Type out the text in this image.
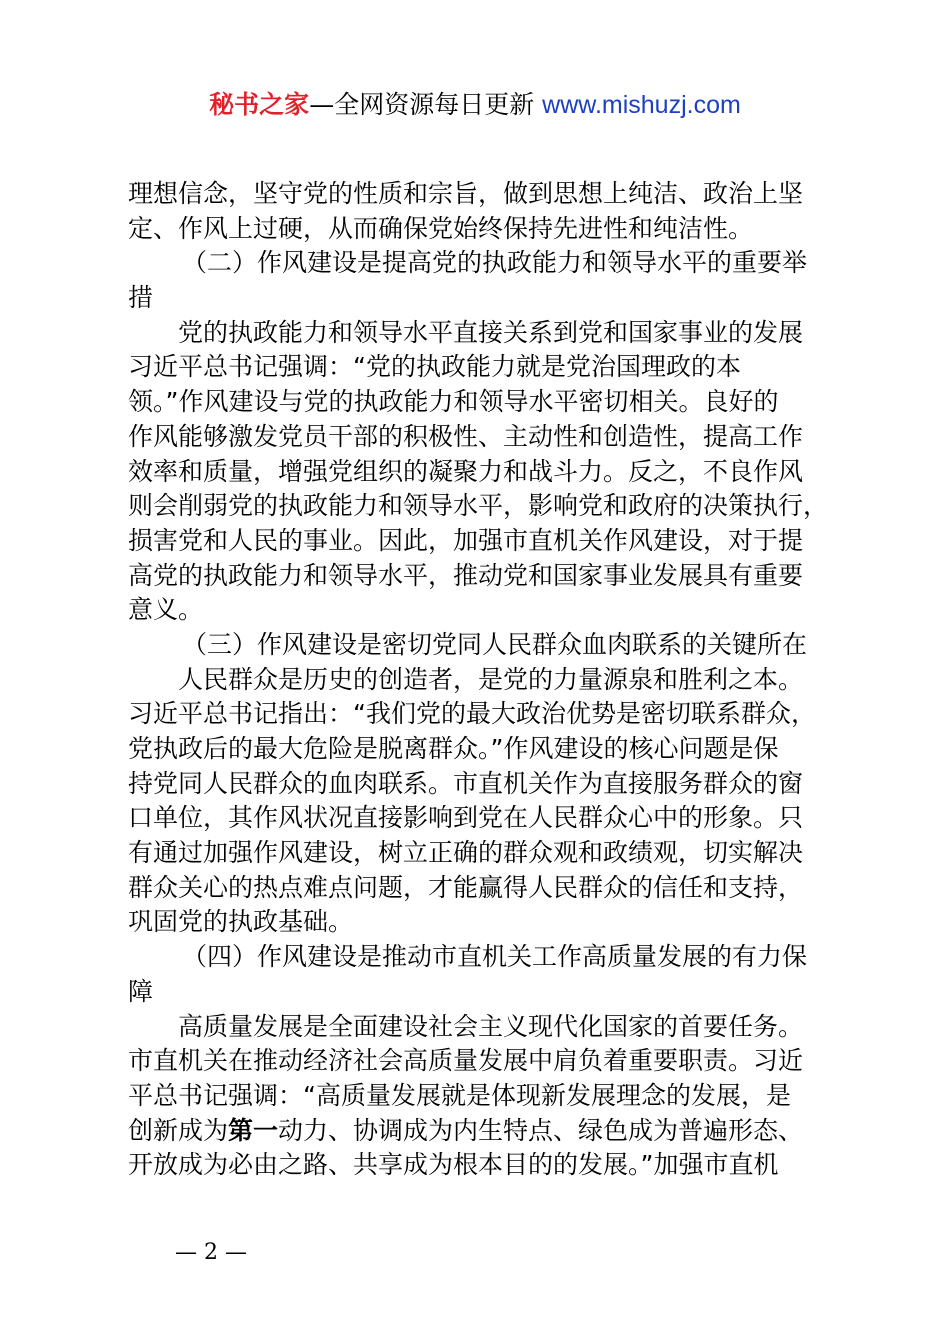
秘书之家—全网资源每日更新 www.mishuzj.com
理想信念，坚守党的性质和宗旨，做到思想上纯洁、政治上坚
定、作风上过硬，从而确保党始终保持先进性和纯洁性。
（二）作风建设是提高党的执政能力和领导水平的重要举
措
党的执政能力和领导水平直接关系到党和国家事业的发展
习近平总书记强调：“党的执政能力就是党治国理政的本
领。”作风建设与党的执政能力和领导水平密切相关。良好的
作风能够激发党员干部的积极性、主动性和创造性，提高工作
效率和质量，增强党组织的凝聚力和战斗力。反之，不良作风
则会削弱党的执政能力和领导水平，影响党和政府的决策执行，
损害党和人民的事业。因此，加强市直机关作风建设，对于提
高党的执政能力和领导水平，推动党和国家事业发展具有重要
意义。
（三）作风建设是密切党同人民群众血肉联系的关键所在
人民群众是历史的创造者，是党的力量源泉和胜利之本。
习近平总书记指出：“我们党的最大政治优势是密切联系群众，
党执政后的最大危险是脱离群众。”作风建设的核心问题是保
持党同人民群众的血肉联系。市直机关作为直接服务群众的窗
口单位，其作风状况直接影响到党在人民群众心中的形象。只
有通过加强作风建设，树立正确的群众观和政绩观，切实解决
群众关心的热点难点问题，才能赢得人民群众的信任和支持，
巩固党的执政基础。
（四）作风建设是推动市直机关工作高质量发展的有力保
障
高质量发展是全面建设社会主义现代化国家的首要任务。
市直机关在推动经济社会高质量发展中肩负着重要职责。习近
平总书记强调：“高质量发展就是体现新发展理念的发展，是
创新成为第一动力、协调成为内生特点、绿色成为普遍形态、
开放成为必由之路、共享成为根本目的的发展。”加强市直机
— 2 —
